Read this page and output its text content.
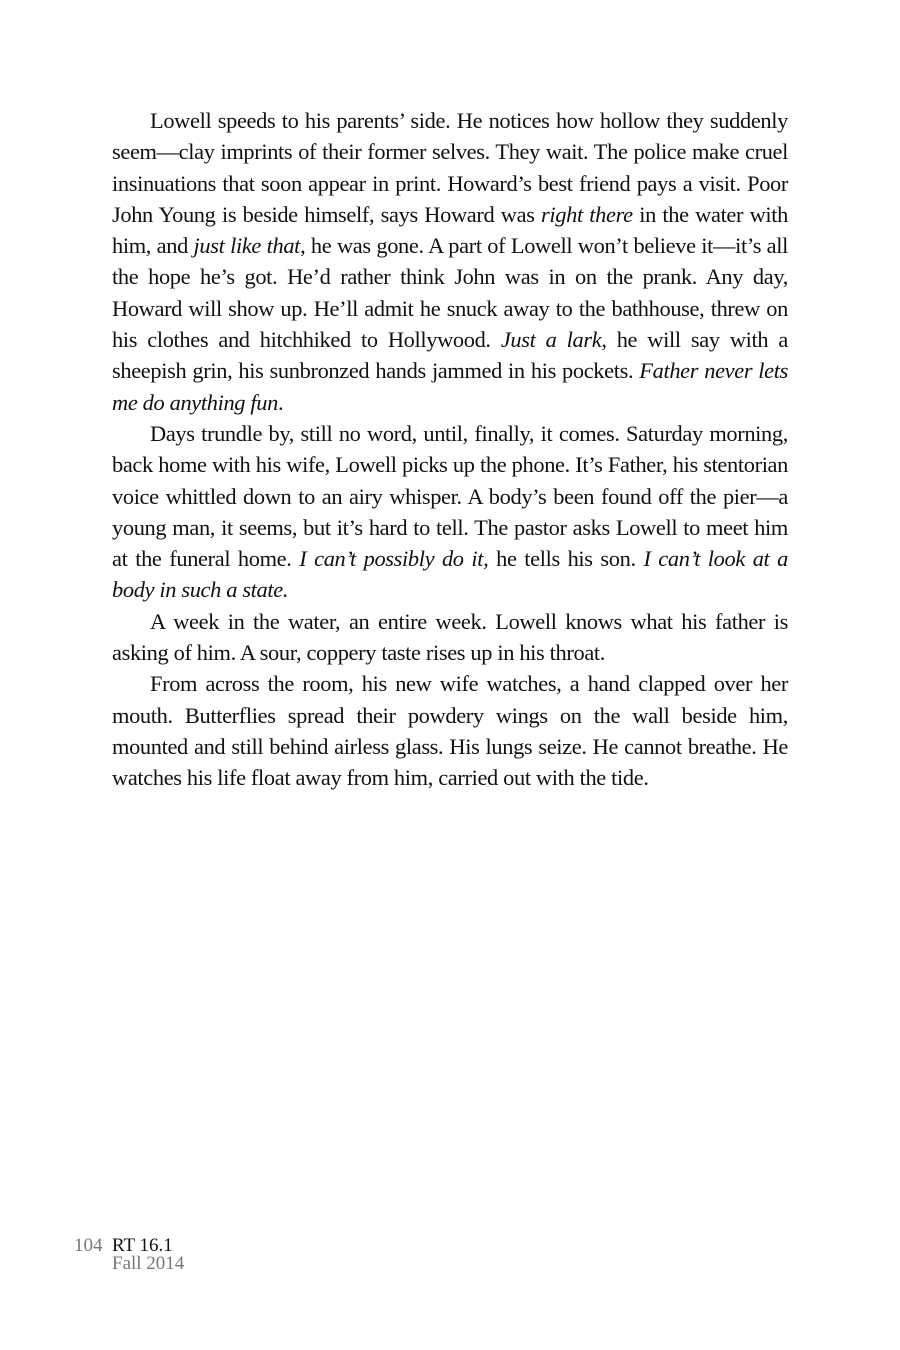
Lowell speeds to his parents’ side. He notices how hollow they suddenly seem—clay imprints of their former selves. They wait. The police make cruel insinuations that soon appear in print. Howard’s best friend pays a visit. Poor John Young is beside himself, says Howard was right there in the water with him, and just like that, he was gone. A part of Lowell won’t believe it—it’s all the hope he’s got. He’d rather think John was in on the prank. Any day, Howard will show up. He’ll admit he snuck away to the bathhouse, threw on his clothes and hitchhiked to Hollywood. Just a lark, he will say with a sheepish grin, his sunbronzed hands jammed in his pockets. Father never lets me do anything fun.

Days trundle by, still no word, until, finally, it comes. Saturday morning, back home with his wife, Lowell picks up the phone. It’s Father, his stentorian voice whittled down to an airy whisper. A body’s been found off the pier—a young man, it seems, but it’s hard to tell. The pastor asks Lowell to meet him at the funeral home. I can’t possibly do it, he tells his son. I can’t look at a body in such a state.

A week in the water, an entire week. Lowell knows what his father is asking of him. A sour, coppery taste rises up in his throat.

From across the room, his new wife watches, a hand clapped over her mouth. Butterflies spread their powdery wings on the wall beside him, mounted and still behind airless glass. His lungs seize. He cannot breathe. He watches his life float away from him, carried out with the tide.

104 RT 16.1
Fall 2014
